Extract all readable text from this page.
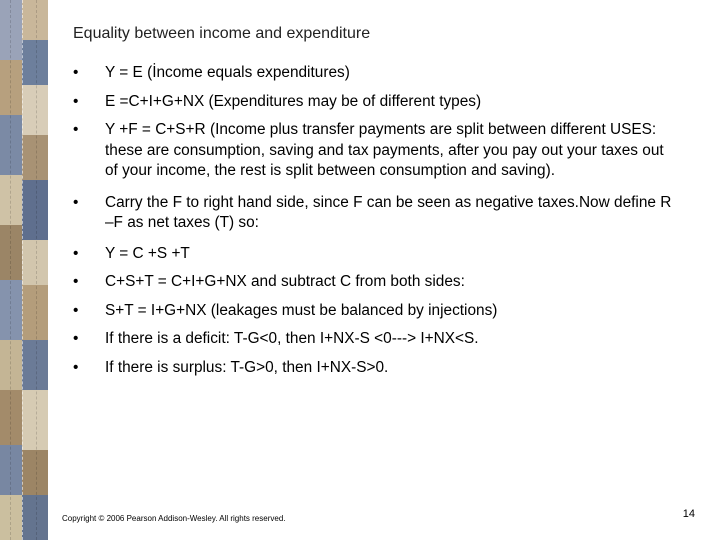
Equality between income and expenditure
•	Y = E (İncome equals expenditures)
•	E =C+I+G+NX (Expenditures may be of different types)
•	Y +F = C+S+R (Income plus transfer payments are split between different USES: these are consumption, saving and tax payments, after you pay out your taxes out of your income, the rest is split between consumption and saving).
•	Carry the F to right hand side, since F can be seen as negative taxes.Now define R –F as net taxes (T) so:
•	Y = C +S +T
•	C+S+T = C+I+G+NX and subtract C from both sides:
•	S+T = I+G+NX (leakages must be balanced by injections)
•	If there is a deficit: T-G<0, then I+NX-S <0---> I+NX<S.
•	If there is surplus: T-G>0, then I+NX-S>0.
Copyright © 2006 Pearson Addison-Wesley. All rights reserved.	14
